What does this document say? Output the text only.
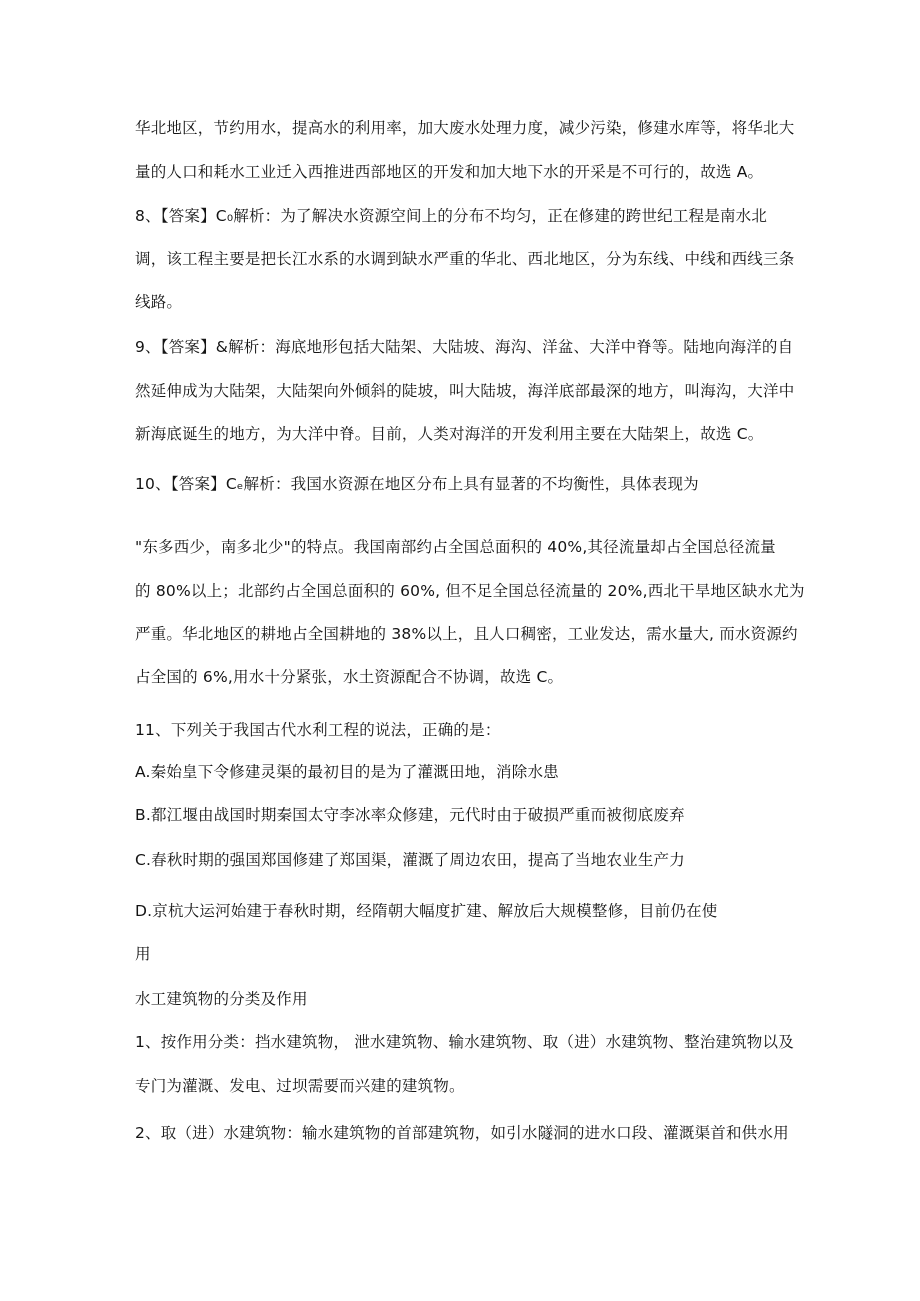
华北地区，节约用水，提高水的利用率，加大废水处理力度，减少污染，修建水库等，将华北大
量的人口和耗水工业迁入西推进西部地区的开发和加大地下水的开采是不可行的，故选 A。
8、【答案】C₀解析：为了解决水资源空间上的分布不均匀，正在修建的跨世纪工程是南水北
调，该工程主要是把长江水系的水调到缺水严重的华北、西北地区，分为东线、中线和西线三条
线路。
9、【答案】&解析：海底地形包括大陆架、大陆坡、海沟、洋盆、大洋中脊等。陆地向海洋的自
然延伸成为大陆架，大陆架向外倾斜的陡坡，叫大陆坡，海洋底部最深的地方，叫海沟，大洋中
新海底诞生的地方，为大洋中脊。目前，人类对海洋的开发利用主要在大陆架上，故选 C。
10、【答案】Cₑ解析：我国水资源在地区分布上具有显著的不均衡性，具体表现为
"东多西少，南多北少"的特点。我国南部约占全国总面积的 40%,其径流量却占全国总径流量
的 80%以上；北部约占全国总面积的 60%, 但不足全国总径流量的 20%,西北干旱地区缺水尤为
严重。华北地区的耕地占全国耕地的 38%以上，且人口稠密，工业发达，需水量大, 而水资源约
占全国的 6%,用水十分紧张，水土资源配合不协调，故选 C。
11、下列关于我国古代水利工程的说法，正确的是：
A.秦始皇下令修建灵渠的最初目的是为了灌溉田地，消除水患
B.都江堰由战国时期秦国太守李冰率众修建，元代时由于破损严重而被彻底废弃
C.春秋时期的强国郑国修建了郑国渠，灌溉了周边农田，提高了当地农业生产力
D.京杭大运河始建于春秋时期，经隋朝大幅度扩建、解放后大规模整修，目前仍在使
用
水工建筑物的分类及作用
1、按作用分类：挡水建筑物， 泄水建筑物、输水建筑物、取（进）水建筑物、整治建筑物以及
专门为灌溉、发电、过坝需要而兴建的建筑物。
2、取（进）水建筑物：输水建筑物的首部建筑物，如引水隧洞的进水口段、灌溉渠首和供水用
